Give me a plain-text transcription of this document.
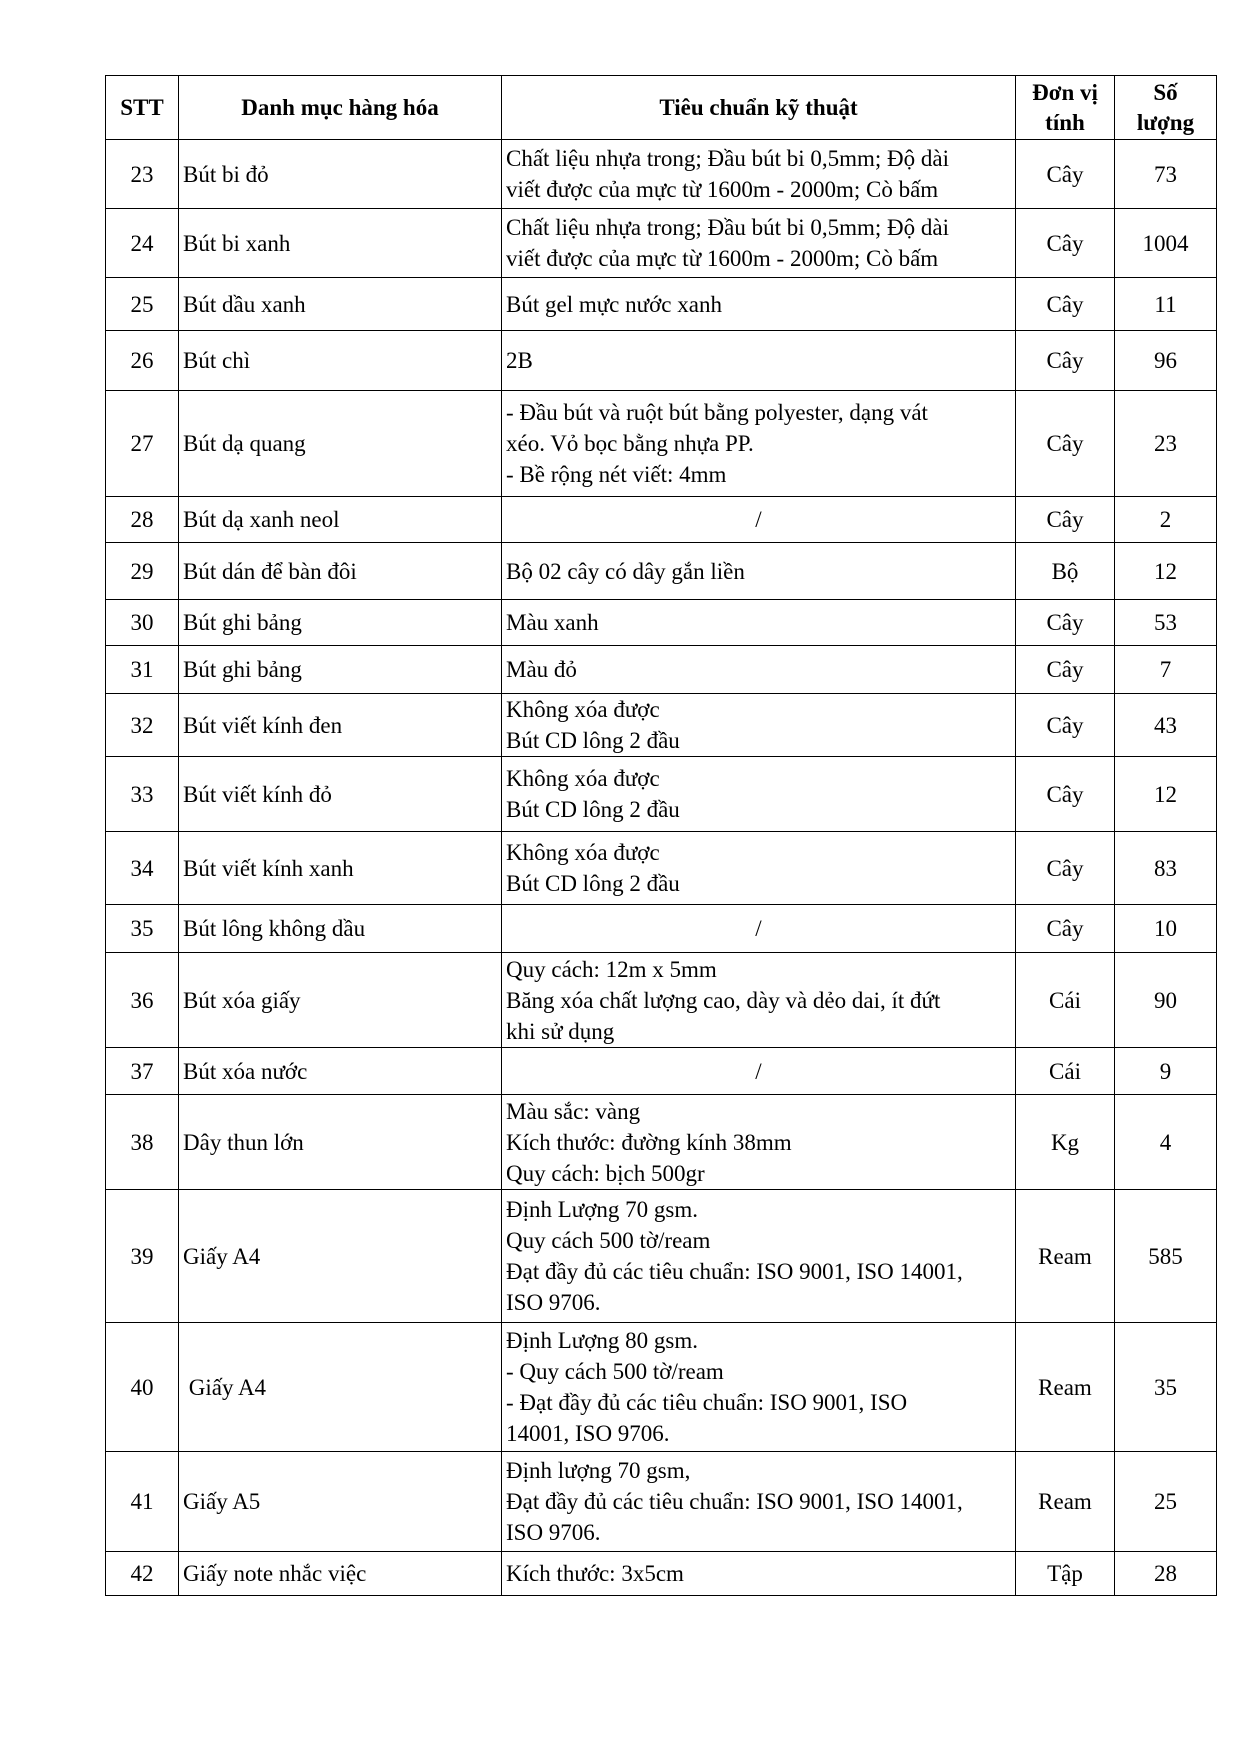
STT	Danh mục hàng hóa	Tiêu chuẩn kỹ thuật	Đơn vị
tính	Số
lượng
23	Bút bi đỏ	Chất liệu nhựa trong; Đầu bút bi 0,5mm; Độ dài
viết được của mực từ 1600m - 2000m; Cò bấm	Cây	73
24	Bút bi xanh	Chất liệu nhựa trong; Đầu bút bi 0,5mm; Độ dài
viết được của mực từ 1600m - 2000m; Cò bấm	Cây	1004
25	Bút dầu xanh	Bút gel mực nước xanh	Cây	11
26	Bút chì	2B	Cây	96
27	Bút dạ quang	- Đầu bút và ruột bút bằng polyester, dạng vát
xéo. Vỏ bọc bằng nhựa PP.
- Bề rộng nét viết: 4mm	Cây	23
28	Bút dạ xanh neol	/	Cây	2
29	Bút dán để bàn đôi	Bộ 02 cây có dây gắn liền	Bộ	12
30	Bút ghi bảng	Màu xanh	Cây	53
31	Bút ghi bảng	Màu đỏ	Cây	7
32	Bút viết kính đen	Không xóa được
Bút CD lông 2 đầu	Cây	43
33	Bút viết kính đỏ	Không xóa được
Bút CD lông 2 đầu	Cây	12
34	Bút viết kính xanh	Không xóa được
Bút CD lông 2 đầu	Cây	83
35	Bút lông không dầu	/	Cây	10
36	Bút xóa giấy	Quy cách: 12m x 5mm
Băng xóa chất lượng cao, dày và dẻo dai, ít đứt
khi sử dụng	Cái	90
37	Bút xóa nước	/	Cái	9
38	Dây thun lớn	Màu sắc: vàng
Kích thước: đường kính 38mm
Quy cách: bịch 500gr	Kg	4
39	Giấy A4	Định Lượng 70 gsm.
Quy cách 500 tờ/ream
Đạt đầy đủ các tiêu chuẩn: ISO 9001, ISO 14001,
ISO 9706.	Ream	585
40	Giấy A4	Định Lượng 80 gsm.
- Quy cách 500 tờ/ream
- Đạt đầy đủ các tiêu chuẩn: ISO 9001, ISO
14001, ISO 9706.	Ream	35
41	Giấy A5	Định lượng 70 gsm,
Đạt đầy đủ các tiêu chuẩn: ISO 9001, ISO 14001,
ISO 9706.	Ream	25
42	Giấy note nhắc việc	Kích thước: 3x5cm	Tập	28
